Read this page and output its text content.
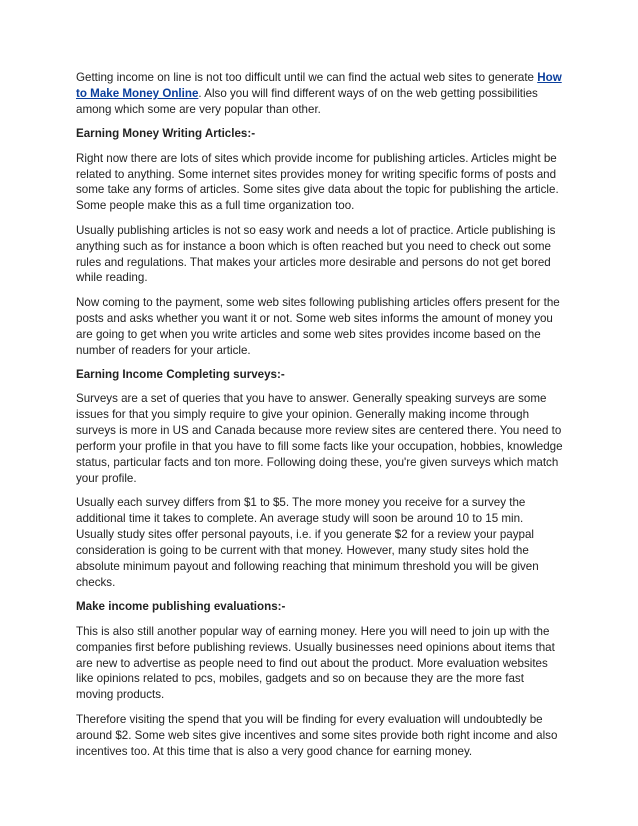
Getting income on line is not too difficult until we can find the actual web sites to generate How to Make Money Online. Also you will find different ways of on the web getting possibilities among which some are very popular than other.

Earning Money Writing Articles:-

Right now there are lots of sites which provide income for publishing articles. Articles might be related to anything. Some internet sites provides money for writing specific forms of posts and some take any forms of articles. Some sites give data about the topic for publishing the article. Some people make this as a full time organization too.

Usually publishing articles is not so easy work and needs a lot of practice. Article publishing is anything such as for instance a boon which is often reached but you need to check out some rules and regulations. That makes your articles more desirable and persons do not get bored while reading.

Now coming to the payment, some web sites following publishing articles offers present for the posts and asks whether you want it or not. Some web sites informs the amount of money you are going to get when you write articles and some web sites provides income based on the number of readers for your article.

Earning Income Completing surveys:-

Surveys are a set of queries that you have to answer. Generally speaking surveys are some issues for that you simply require to give your opinion. Generally making income through surveys is more in US and Canada because more review sites are centered there. You need to perform your profile in that you have to fill some facts like your occupation, hobbies, knowledge status, particular facts and ton more. Following doing these, you're given surveys which match your profile.

Usually each survey differs from $1 to $5. The more money you receive for a survey the additional time it takes to complete. An average study will soon be around 10 to 15 min. Usually study sites offer personal payouts, i.e. if you generate $2 for a review your paypal consideration is going to be current with that money. However, many study sites hold the absolute minimum payout and following reaching that minimum threshold you will be given checks.

Make income publishing evaluations:-

This is also still another popular way of earning money. Here you will need to join up with the companies first before publishing reviews. Usually businesses need opinions about items that are new to advertise as people need to find out about the product. More evaluation websites like opinions related to pcs, mobiles, gadgets and so on because they are the more fast moving products.

Therefore visiting the spend that you will be finding for every evaluation will undoubtedly be around $2. Some web sites give incentives and some sites provide both right income and also incentives too. At this time that is also a very good chance for earning money.
